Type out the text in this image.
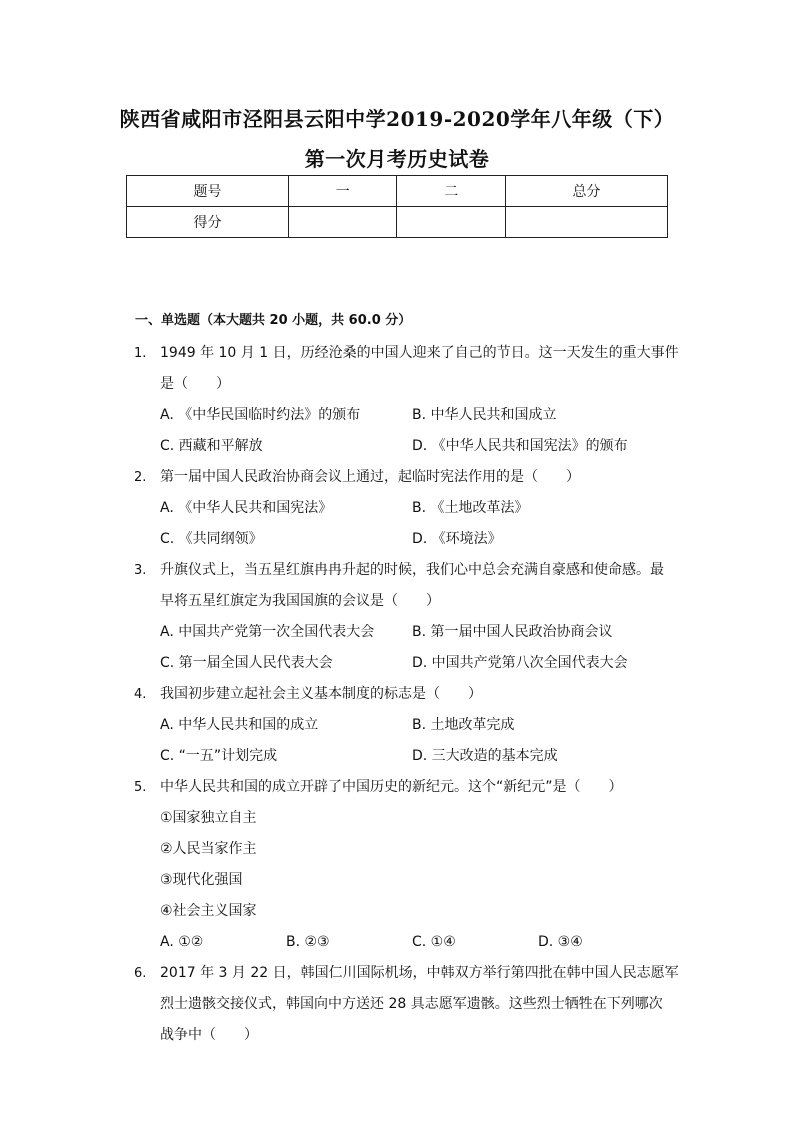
陕西省咸阳市泾阳县云阳中学2019-2020学年八年级（下）
第一次月考历史试卷
题号	一	二	总分
得分			
一、单选题（本大题共 20 小题，共 60.0 分）
1. 1949 年 10 月 1 日，历经沧桑的中国人迎来了自己的节日。这一天发生的重大事件
是（　　）
A. 《中华民国临时约法》的颁布	B. 中华人民共和国成立
C. 西藏和平解放	D. 《中华人民共和国宪法》的颁布
2. 第一届中国人民政治协商会议上通过，起临时宪法作用的是（　　）
A. 《中华人民共和国宪法》	B. 《土地改革法》
C. 《共同纲领》	D. 《环境法》
3. 升旗仪式上，当五星红旗冉冉升起的时候，我们心中总会充满自豪感和使命感。最
早将五星红旗定为我国国旗的会议是（　　）
A. 中国共产党第一次全国代表大会	B. 第一届中国人民政治协商会议
C. 第一届全国人民代表大会	D. 中国共产党第八次全国代表大会
4. 我国初步建立起社会主义基本制度的标志是（　　）
A. 中华人民共和国的成立	B. 土地改革完成
C. “一五”计划完成	D. 三大改造的基本完成
5. 中华人民共和国的成立开辟了中国历史的新纪元。这个“新纪元”是（　　）
①国家独立自主
②人民当家作主
③现代化强国
④社会主义国家
A. ①②	B. ②③	C. ①④	D. ③④
6. 2017 年 3 月 22 日，韩国仁川国际机场，中韩双方举行第四批在韩中国人民志愿军
烈士遗骸交接仪式，韩国向中方送还 28 具志愿军遗骸。这些烈士牺牲在下列哪次
战争中（　　）
